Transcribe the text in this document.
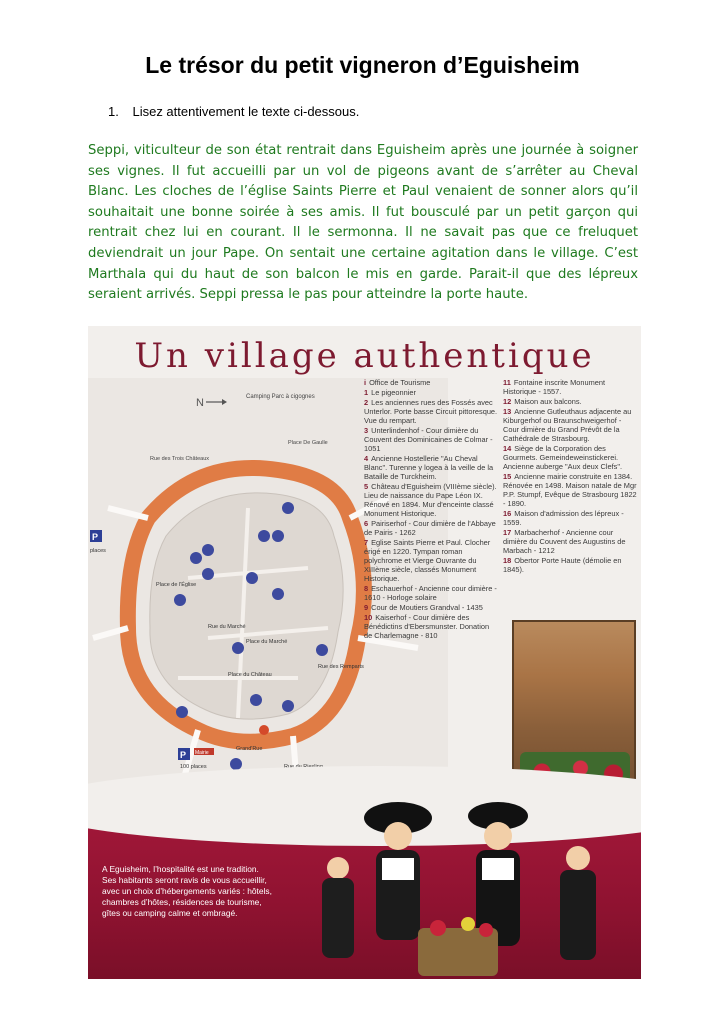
Le trésor du petit vigneron d’Eguisheim
1. Lisez attentivement le texte ci-dessous.

Seppi, viticulteur de son état rentrait dans Eguisheim après une journée à soigner ses vignes. Il fut accueilli par un vol de pigeons avant de s’arrêter au Cheval Blanc. Les cloches de l’église Saints Pierre et Paul venaient de sonner alors qu’il souhaitait une bonne soirée à ses amis. Il fut bousculé par un petit garçon qui rentrait chez lui en courant. Il le sermonna. Il ne savait pas que ce freluquet deviendrait un jour Pape. On sentait une certaine agitation dans le village. C’est Marthala qui du haut de son balcon le mis en garde. Parait-il que des lépreux seraient arrivés. Seppi pressa le pas pour atteindre la porte haute.

Un village authentique
N	Camping Parc à cigognes
Rue des Trois Châteaux
Place De Gaulle
Place de l'Église
Place du Marché
Place du Château
Rue du Marché
Grand'Rue
Rue des Remparts
P
places
P Mairie
100 places
i Office de Tourisme
1 Le pigeonnier
2 Les anciennes rues des Fossés avec Unterlor. Porte basse Circuit pittoresque. Vue du rempart.
3 Unterlindenhof - Cour dimière du Couvent des Dominicaines de Colmar - 1051
4 Ancienne Hostellerie "Au Cheval Blanc". Turenne y logea à la veille de la Bataille de Turckheim.
5 Château d'Eguisheim (VIIIème siècle). Lieu de naissance du Pape Léon IX. Rénové en 1894. Mur d'enceinte classé Monument Historique.
6 Pairiserhof - Cour dimière de l'Abbaye de Pairis - 1262
7 Eglise Saints Pierre et Paul. Clocher érigé en 1220. Tympan roman polychrome et Vierge Ouvrante du XIIIème siècle, classés Monument Historique.
8 Eschauerhof - Ancienne cour dimière - 1610 - Horloge solaire
9 Cour de Moutiers Grandval - 1435
10 Kaiserhof - Cour dimière des Bénédictins d'Ebersmunster. Donation de Charlemagne - 810
11 Fontaine inscrite Monument Historique - 1557.
12 Maison aux balcons.
13 Ancienne Gutleuthaus adjacente au Kiburgerhof ou Braunschweigerhof - Cour dimière du Grand Prévôt de la Cathédrale de Strasbourg.
14 Siège de la Corporation des Gourmets. Gemeindeweinstickerei. Ancienne auberge "Aux deux Clefs".
15 Ancienne mairie construite en 1384. Rénovée en 1498. Maison natale de Mgr P.P. Stumpf, Evêque de Strasbourg 1822 - 1890.
16 Maison d'admission des lépreux - 1559.
17 Marbacherhof - Ancienne cour dimière du Couvent des Augustins de Marbach - 1212
18 Obertor Porte Haute (démolie en 1845).

A Eguisheim, l’hospitalité est une tradition. Ses habitants seront ravis de vous accueillir, avec un choix d’hébergements variés : hôtels, chambres d’hôtes, résidences de tourisme, gîtes ou camping calme et ombragé.
